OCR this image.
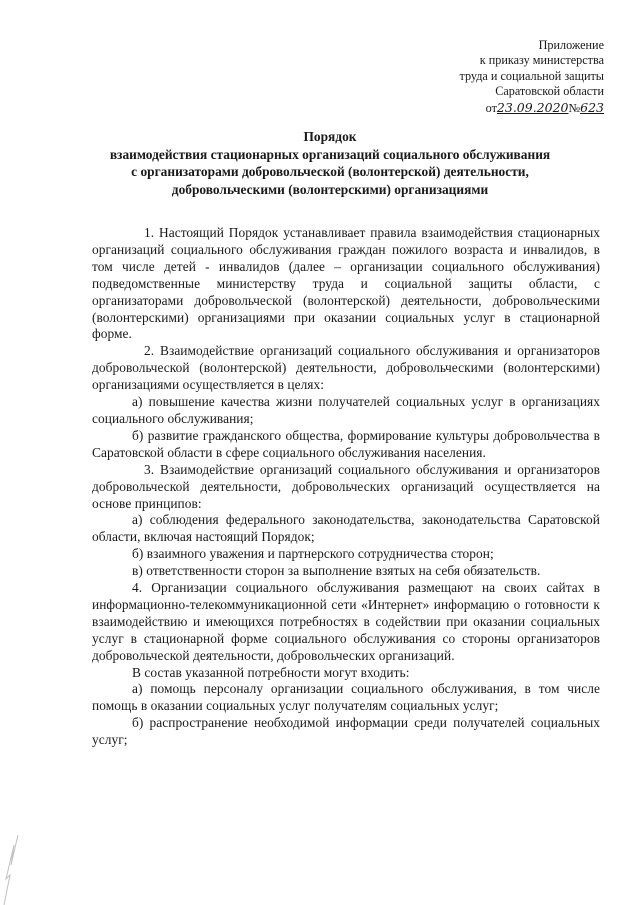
Приложение
к приказу министерства
труда и социальной защиты
Саратовской области
от23.09.2020№623
Порядок
взаимодействия стационарных организаций социального обслуживания
с организаторами добровольческой (волонтерской) деятельности,
добровольческими (волонтерскими) организациями

1. Настоящий Порядок устанавливает правила взаимодействия стационарных организаций социального обслуживания граждан пожилого возраста и инвалидов, в том числе детей - инвалидов (далее – организации социального обслуживания) подведомственные министерству труда и социальной защиты области, с организаторами добровольческой (волонтерской) деятельности, добровольческими (волонтерскими) организациями при оказании социальных услуг в стационарной форме.

2. Взаимодействие организаций социального обслуживания и организаторов добровольческой (волонтерской) деятельности, добровольческими (волонтерскими) организациями осуществляется в целях:

а) повышение качества жизни получателей социальных услуг в организациях социального обслуживания;

б) развитие гражданского общества, формирование культуры добровольчества в Саратовской области в сфере социального обслуживания населения.

3. Взаимодействие организаций социального обслуживания и организаторов добровольческой деятельности, добровольческих организаций осуществляется на основе принципов:

а) соблюдения федерального законодательства, законодательства Саратовской области, включая настоящий Порядок;

б) взаимного уважения и партнерского сотрудничества сторон;

в) ответственности сторон за выполнение взятых на себя обязательств.

4. Организации социального обслуживания размещают на своих сайтах в информационно-телекоммуникационной сети «Интернет» информацию о готовности к взаимодействию и имеющихся потребностях в содействии при оказании социальных услуг в стационарной форме социального обслуживания со стороны организаторов добровольческой деятельности, добровольческих организаций.

В состав указанной потребности могут входить:

а) помощь персоналу организации социального обслуживания, в том числе помощь в оказании социальных услуг получателям социальных услуг;

б) распространение необходимой информации среди получателей социальных услуг;
